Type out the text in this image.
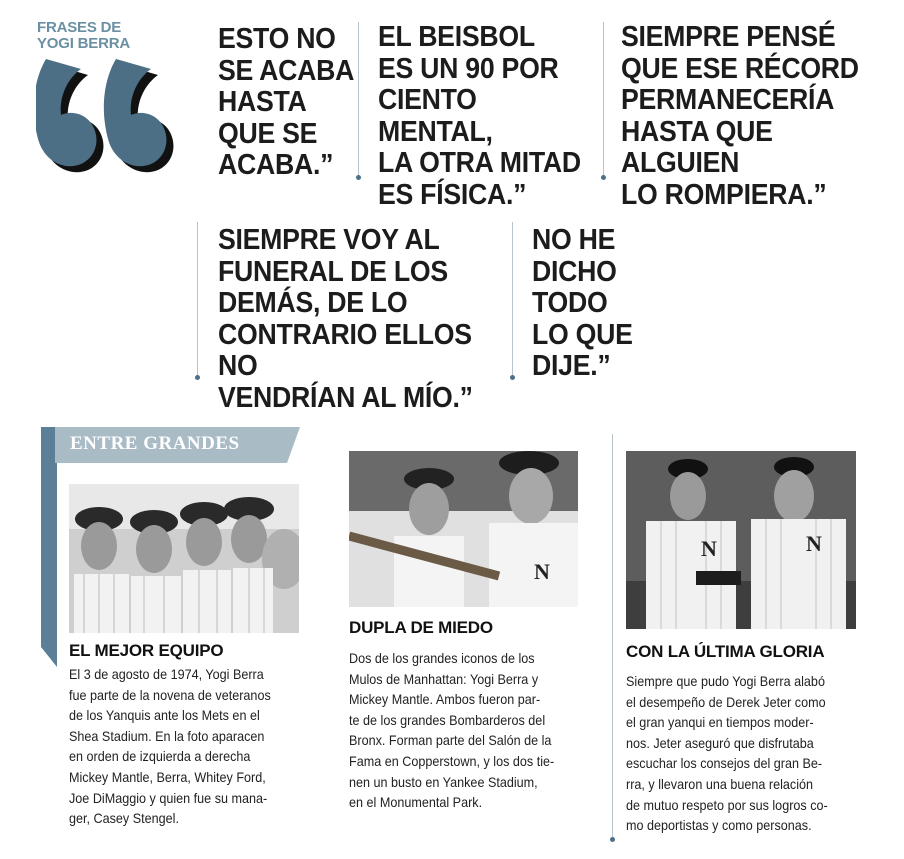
FRASES DE
YOGI BERRA	ESTO NO
SE ACABA
HASTA
QUE SE
ACABA.”
EL BEISBOL
ES UN 90 POR
CIENTO MENTAL,
LA OTRA MITAD
ES FÍSICA.”
SIEMPRE PENSÉ
QUE ESE RÉCORD
PERMANECERÍA
HASTA QUE ALGUIEN
LO ROMPIERA.”
SIEMPRE VOY AL
FUNERAL DE LOS
DEMÁS, DE LO
CONTRARIO ELLOS NO
VENDRÍAN AL MÍO.”
NO HE
DICHO
TODO
LO QUE
DIJE.”
ENTRE GRANDES
EL MEJOR EQUIPO
El 3 de agosto de 1974, Yogi Berra
fue parte de la novena de veteranos
de los Yanquis ante los Mets en el
Shea Stadium. En la foto aparacen
en orden de izquierda a derecha
Mickey Mantle, Berra, Whitey Ford,
Joe DiMaggio y quien fue su mana-
ger, Casey Stengel.
N
DUPLA DE MIEDO
Dos de los grandes iconos de los
Mulos de Manhattan: Yogi Berra y
Mickey Mantle. Ambos fueron par-
te de los grandes Bombarderos del
Bronx. Forman parte del Salón de la
Fama en Copperstown, y los dos tie-
nen un busto en Yankee Stadium,
en el Monumental Park.
N	N
CON LA ÚLTIMA GLORIA
Siempre que pudo Yogi Berra alabó
el desempeño de Derek Jeter como
el gran yanqui en tiempos moder-
nos. Jeter aseguró que disfrutaba
escuchar los consejos del gran Be-
rra, y llevaron una buena relación
de mutuo respeto por sus logros co-
mo deportistas y como personas.
